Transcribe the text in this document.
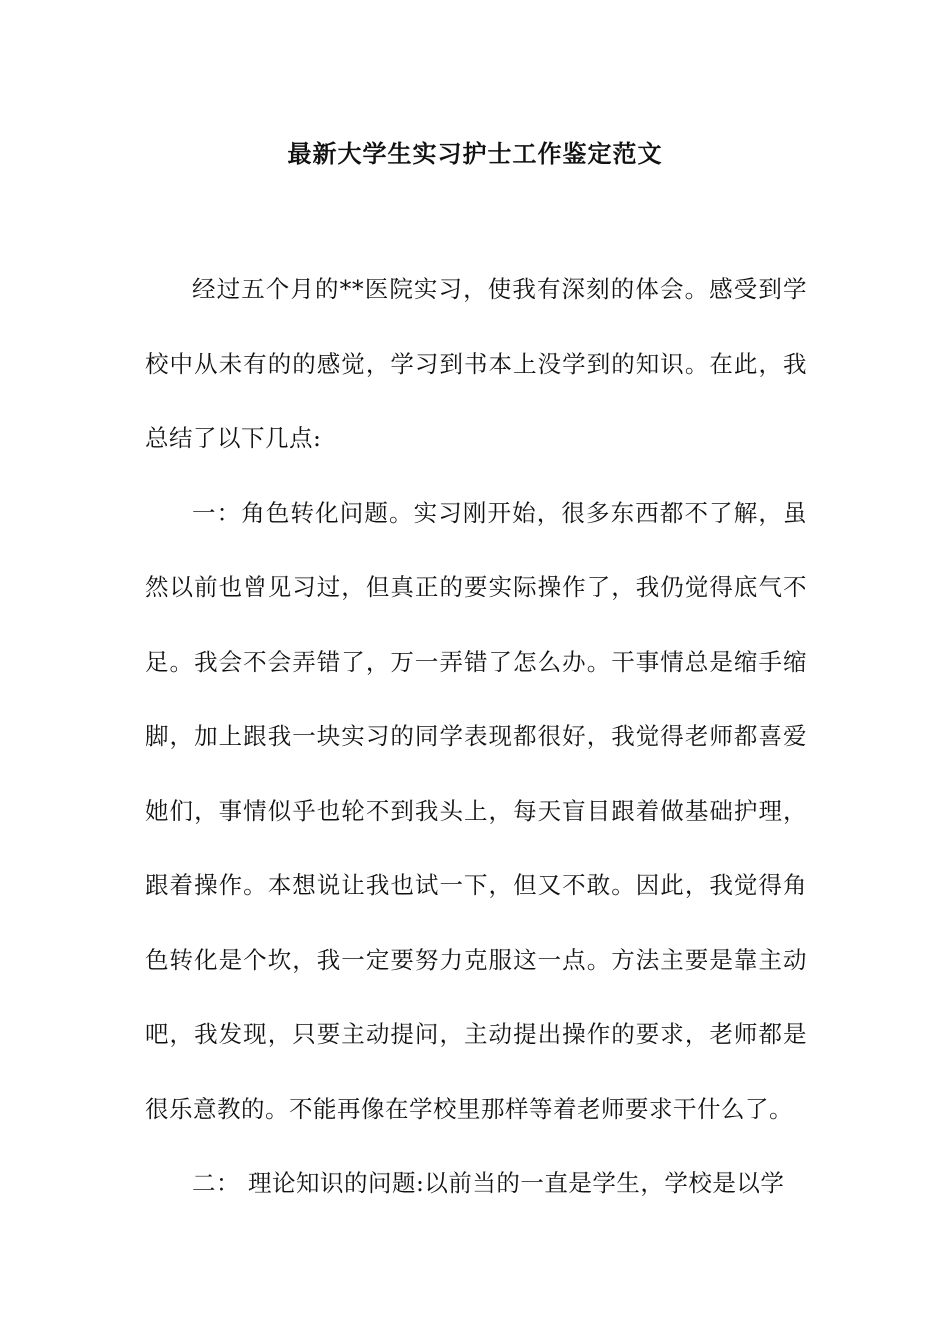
最新大学生实习护士工作鉴定范文

经过五个月的**医院实习，使我有深刻的体会。感受到学校中从未有的的感觉，学习到书本上没学到的知识。在此，我总结了以下几点:

一：角色转化问题。实习刚开始，很多东西都不了解，虽然以前也曾见习过，但真正的要实际操作了，我仍觉得底气不足。我会不会弄错了，万一弄错了怎么办。干事情总是缩手缩脚，加上跟我一块实习的同学表现都很好，我觉得老师都喜爱她们，事情似乎也轮不到我头上，每天盲目跟着做基础护理，跟着操作。本想说让我也试一下，但又不敢。因此，我觉得角色转化是个坎，我一定要努力克服这一点。方法主要是靠主动吧，我发现，只要主动提问，主动提出操作的要求，老师都是很乐意教的。不能再像在学校里那样等着老师要求干什么了。

二： 理论知识的问题:以前当的一直是学生，学校是以学
